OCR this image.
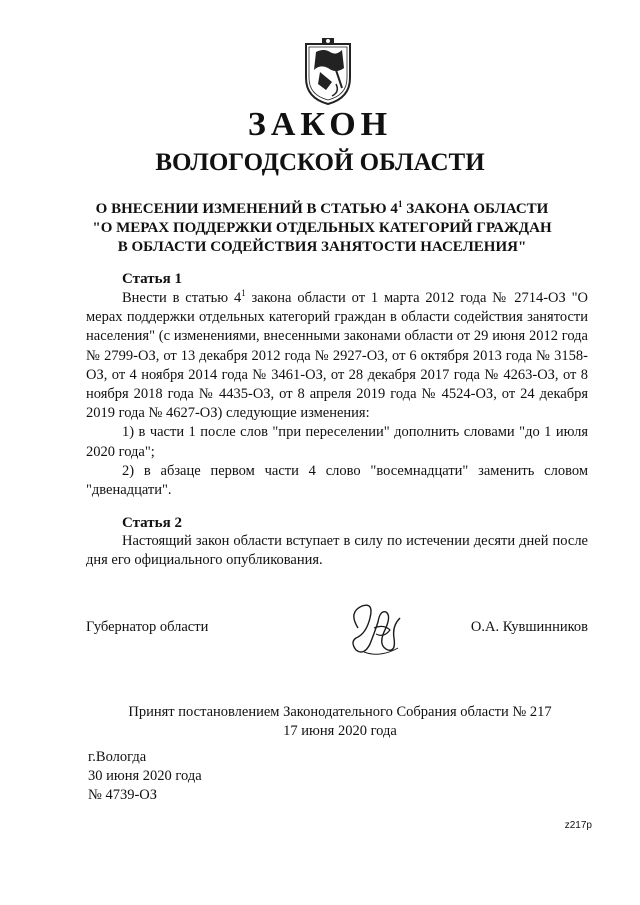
ЗАКОН
ВОЛОГОДСКОЙ ОБЛАСТИ
О ВНЕСЕНИИ ИЗМЕНЕНИЙ В СТАТЬЮ $4^1$ ЗАКОНА ОБЛАСТИ
"О МЕРАХ ПОДДЕРЖКИ ОТДЕЛЬНЫХ КАТЕГОРИЙ ГРАЖДАН
В ОБЛАСТИ СОДЕЙСТВИЯ ЗАНЯТОСТИ НАСЕЛЕНИЯ"
Статья 1

Внести в статью $4^1$ закона области от 1 марта 2012 года № 2714-ОЗ "О мерах поддержки отдельных категорий граждан в области содействия занятости населения" (с изменениями, внесенными законами области от 29 июня 2012 года № 2799-ОЗ, от 13 декабря 2012 года № 2927-ОЗ, от 6 октября 2013 года № 3158-ОЗ, от 4 ноября 2014 года № 3461-ОЗ, от 28 декабря 2017 года № 4263-ОЗ, от 8 ноября 2018 года № 4435-ОЗ, от 8 апреля 2019 года № 4524-ОЗ, от 24 декабря 2019 года № 4627-ОЗ) следующие изменения:

1) в части 1 после слов "при переселении" дополнить словами "до 1 июля 2020 года";

2) в абзаце первом части 4 слово "восемнадцати" заменить словом "двенадцати".

Статья 2

Настоящий закон области вступает в силу по истечении десяти дней после дня его официального опубликования.

Губернатор области	О.А. Кувшинников
Принят постановлением Законодательного Собрания области № 217
17 июня 2020 года
г.Вологда
30 июня 2020 года
№ 4739-ОЗ
z217p
